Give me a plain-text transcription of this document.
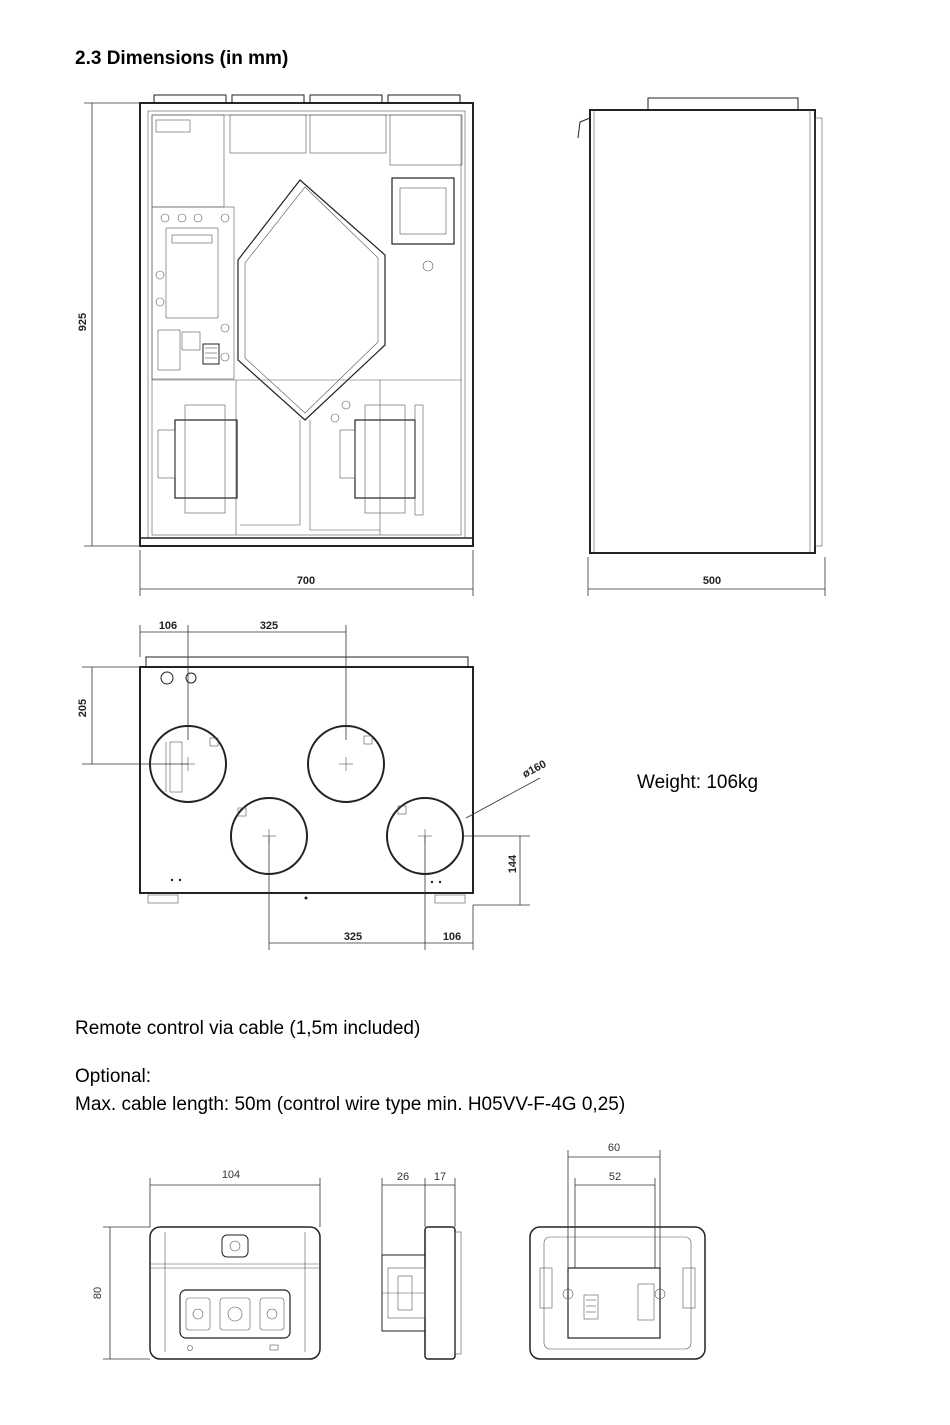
2.3 Dimensions (in mm)
925
700	500
106	325
205
ø160
144
325	106
104
80
26 17
60
52
Weight: 106kg
Remote control via cable (1,5m included)
Optional:
Max. cable length: 50m (control wire type min. H05VV-F-4G 0,25)
